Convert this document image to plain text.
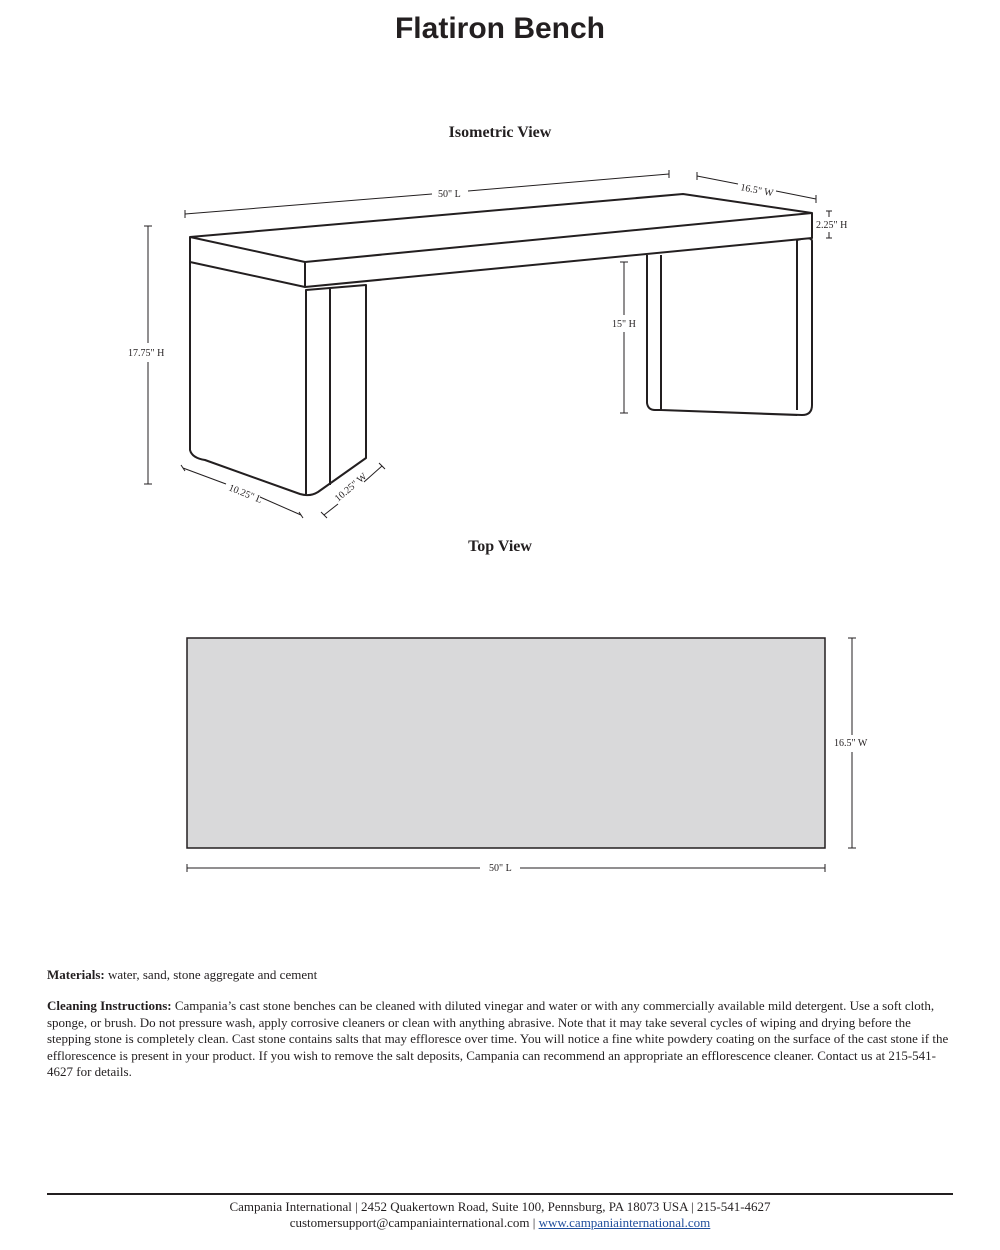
Flatiron Bench
Isometric View
Top View
50" L	16.5" W
2.25" H
17.75" H
15" H
10.25" L	10.25" W
16.5" W
50" L
Materials: water, sand, stone aggregate and cement
Cleaning Instructions: Campania’s cast stone benches can be cleaned with diluted vinegar and water or with any commercially available mild detergent. Use a soft cloth, sponge, or brush. Do not pressure wash, apply corrosive cleaners or clean with anything abrasive. Note that it may take several cycles of wiping and drying before the stepping stone is completely clean. Cast stone contains salts that may effloresce over time. You will notice a fine white powdery coating on the surface of the cast stone if the efflorescence is present in your product. If you wish to remove the salt deposits, Campania can recommend an appropriate an efflorescence cleaner. Contact us at 215-541-4627 for details.
Campania International | 2452 Quakertown Road, Suite 100, Pennsburg, PA 18073 USA | 215-541-4627
customersupport@campaniainternational.com | www.campaniainternational.com
